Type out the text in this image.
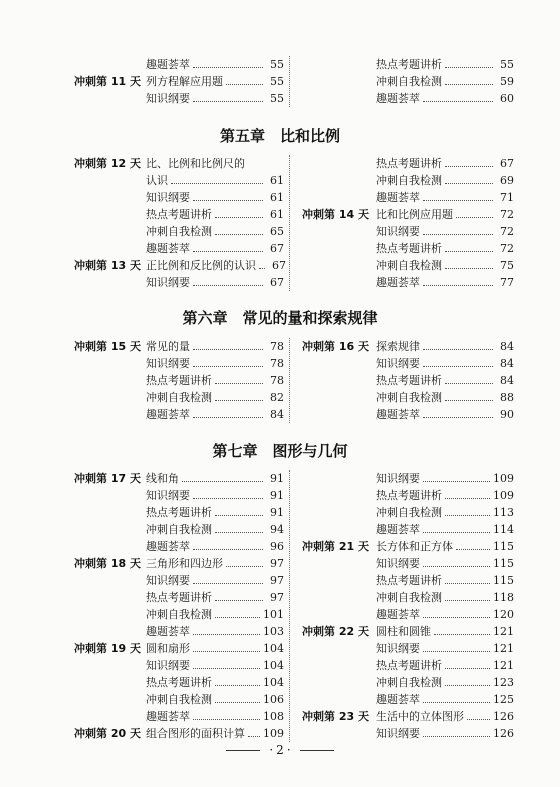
趣题荟萃	55
冲刺第 11 天 列方程解应用题	55
知识纲要	55
热点考题讲析	55
冲刺自我检测	59
趣题荟萃	60
第五章　比和比例
冲刺第 12 天 比、比例和比例尺的
认识	61
知识纲要	61
热点考题讲析	61
冲刺自我检测	65
趣题荟萃	67
冲刺第 13 天 正比例和反比例的认识	67
知识纲要	67
热点考题讲析	67
冲刺自我检测	69
趣题荟萃	71
冲刺第 14 天 比和比例应用题	72
知识纲要	72
热点考题讲析	72
冲刺自我检测	75
趣题荟萃	77
第六章　常见的量和探索规律
冲刺第 15 天 常见的量	78
知识纲要	78
热点考题讲析	78
冲刺自我检测	82
趣题荟萃	84
冲刺第 16 天 探索规律	84
知识纲要	84
热点考题讲析	84
冲刺自我检测	88
趣题荟萃	90
第七章　图形与几何
冲刺第 17 天 线和角	91
知识纲要	91
热点考题讲析	91
冲刺自我检测	94
趣题荟萃	96
冲刺第 18 天 三角形和四边形	97
知识纲要	97
热点考题讲析	97
冲刺自我检测	101
趣题荟萃	103
冲刺第 19 天 圆和扇形	104
知识纲要	104
热点考题讲析	104
冲刺自我检测	106
趣题荟萃	108
冲刺第 20 天 组合图形的面积计算 109
知识纲要	109
热点考题讲析	109
冲刺自我检测	113
趣题荟萃	114
冲刺第 21 天 长方体和正方体	115
知识纲要	115
热点考题讲析	115
冲刺自我检测	118
趣题荟萃	120
冲刺第 22 天 圆柱和圆锥	121
知识纲要	121
热点考题讲析	121
冲刺自我检测	123
趣题荟萃	125
冲刺第 23 天 生活中的立体图形	126
知识纲要	126
· 2 ·
